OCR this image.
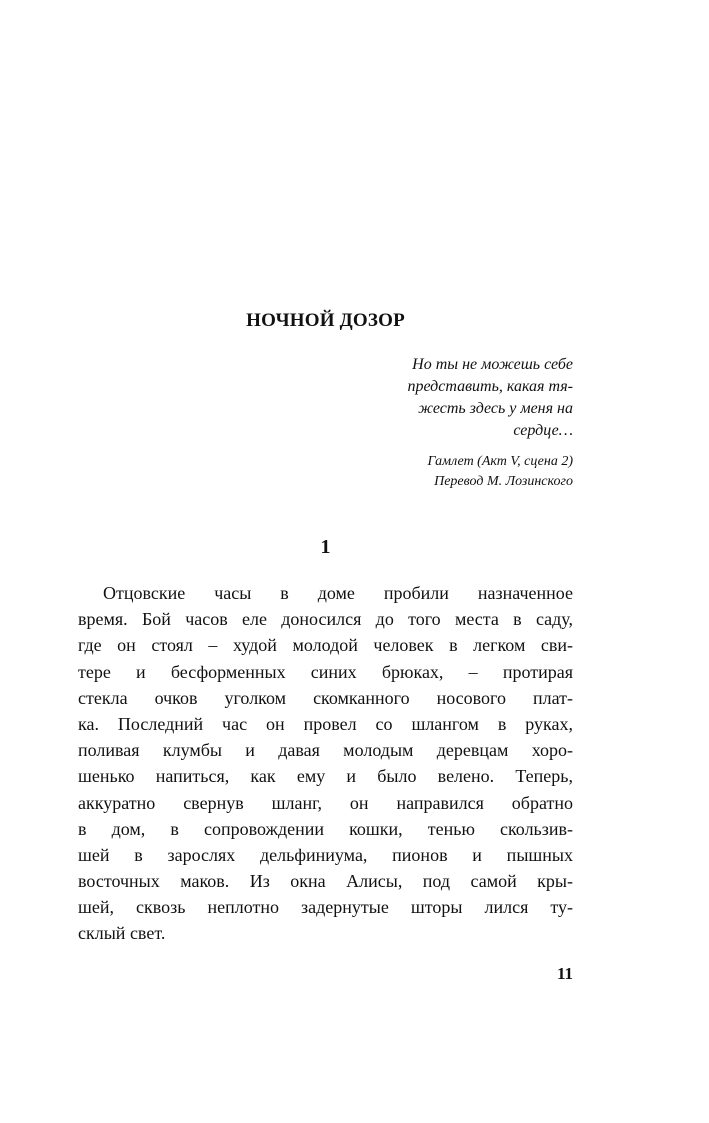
НОЧНОЙ ДОЗОР
Но ты не можешь себе
представить, какая тя-
жесть здесь у меня на
сердце…
Гамлет (Акт V, сцена 2)
Перевод М. Лозинского
1
Отцовские часы в доме пробили назначенное
время. Бой часов еле доносился до того места в саду,
где он стоял – худой молодой человек в легком сви-
тере и бесформенных синих брюках, – протирая
стекла очков уголком скомканного носового плат-
ка. Последний час он провел со шлангом в руках,
поливая клумбы и давая молодым деревцам хоро-
шенько напиться, как ему и было велено. Теперь,
аккуратно свернув шланг, он направился обратно
в дом, в сопровождении кошки, тенью скользив-
шей в зарослях дельфиниума, пионов и пышных
восточных маков. Из окна Алисы, под самой кры-
шей, сквозь неплотно задернутые шторы лился ту-
склый свет.
11
